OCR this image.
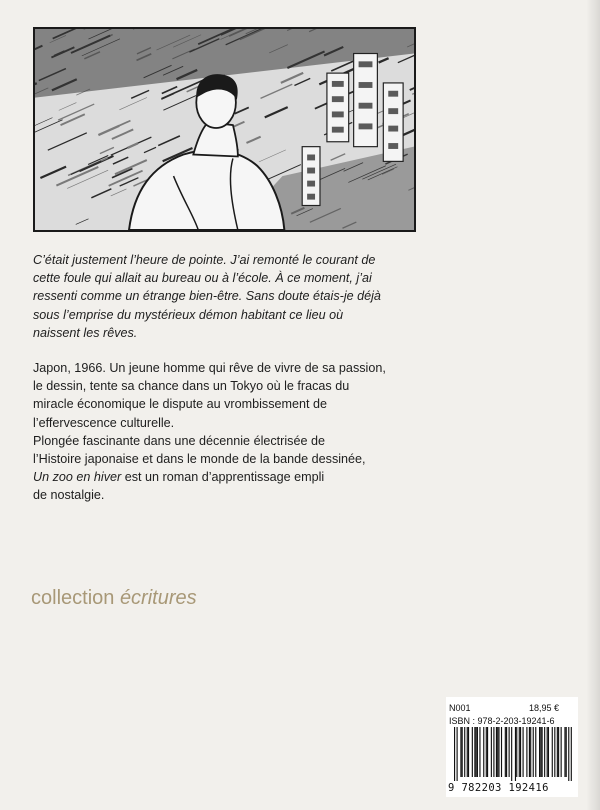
C’était justement l’heure de pointe. J’ai remonté le courant de
cette foule qui allait au bureau ou à l’école. À ce moment, j’ai
ressenti comme un étrange bien-être. Sans doute étais-je déjà
sous l’emprise du mystérieux démon habitant ce lieu où
naissent les rêves.
Japon, 1966. Un jeune homme qui rêve de vivre de sa passion,
le dessin, tente sa chance dans un Tokyo où le fracas du
miracle économique le dispute au vrombissement de
l’effervescence culturelle.
Plongée fascinante dans une décennie électrisée de
l’Histoire japonaise et dans le monde de la bande dessinée,
Un zoo en hiver est un roman d’apprentissage empli
de nostalgie.
collection écritures
N001	18,95 €
ISBN : 978-2-203-19241-6
9 782203 192416
